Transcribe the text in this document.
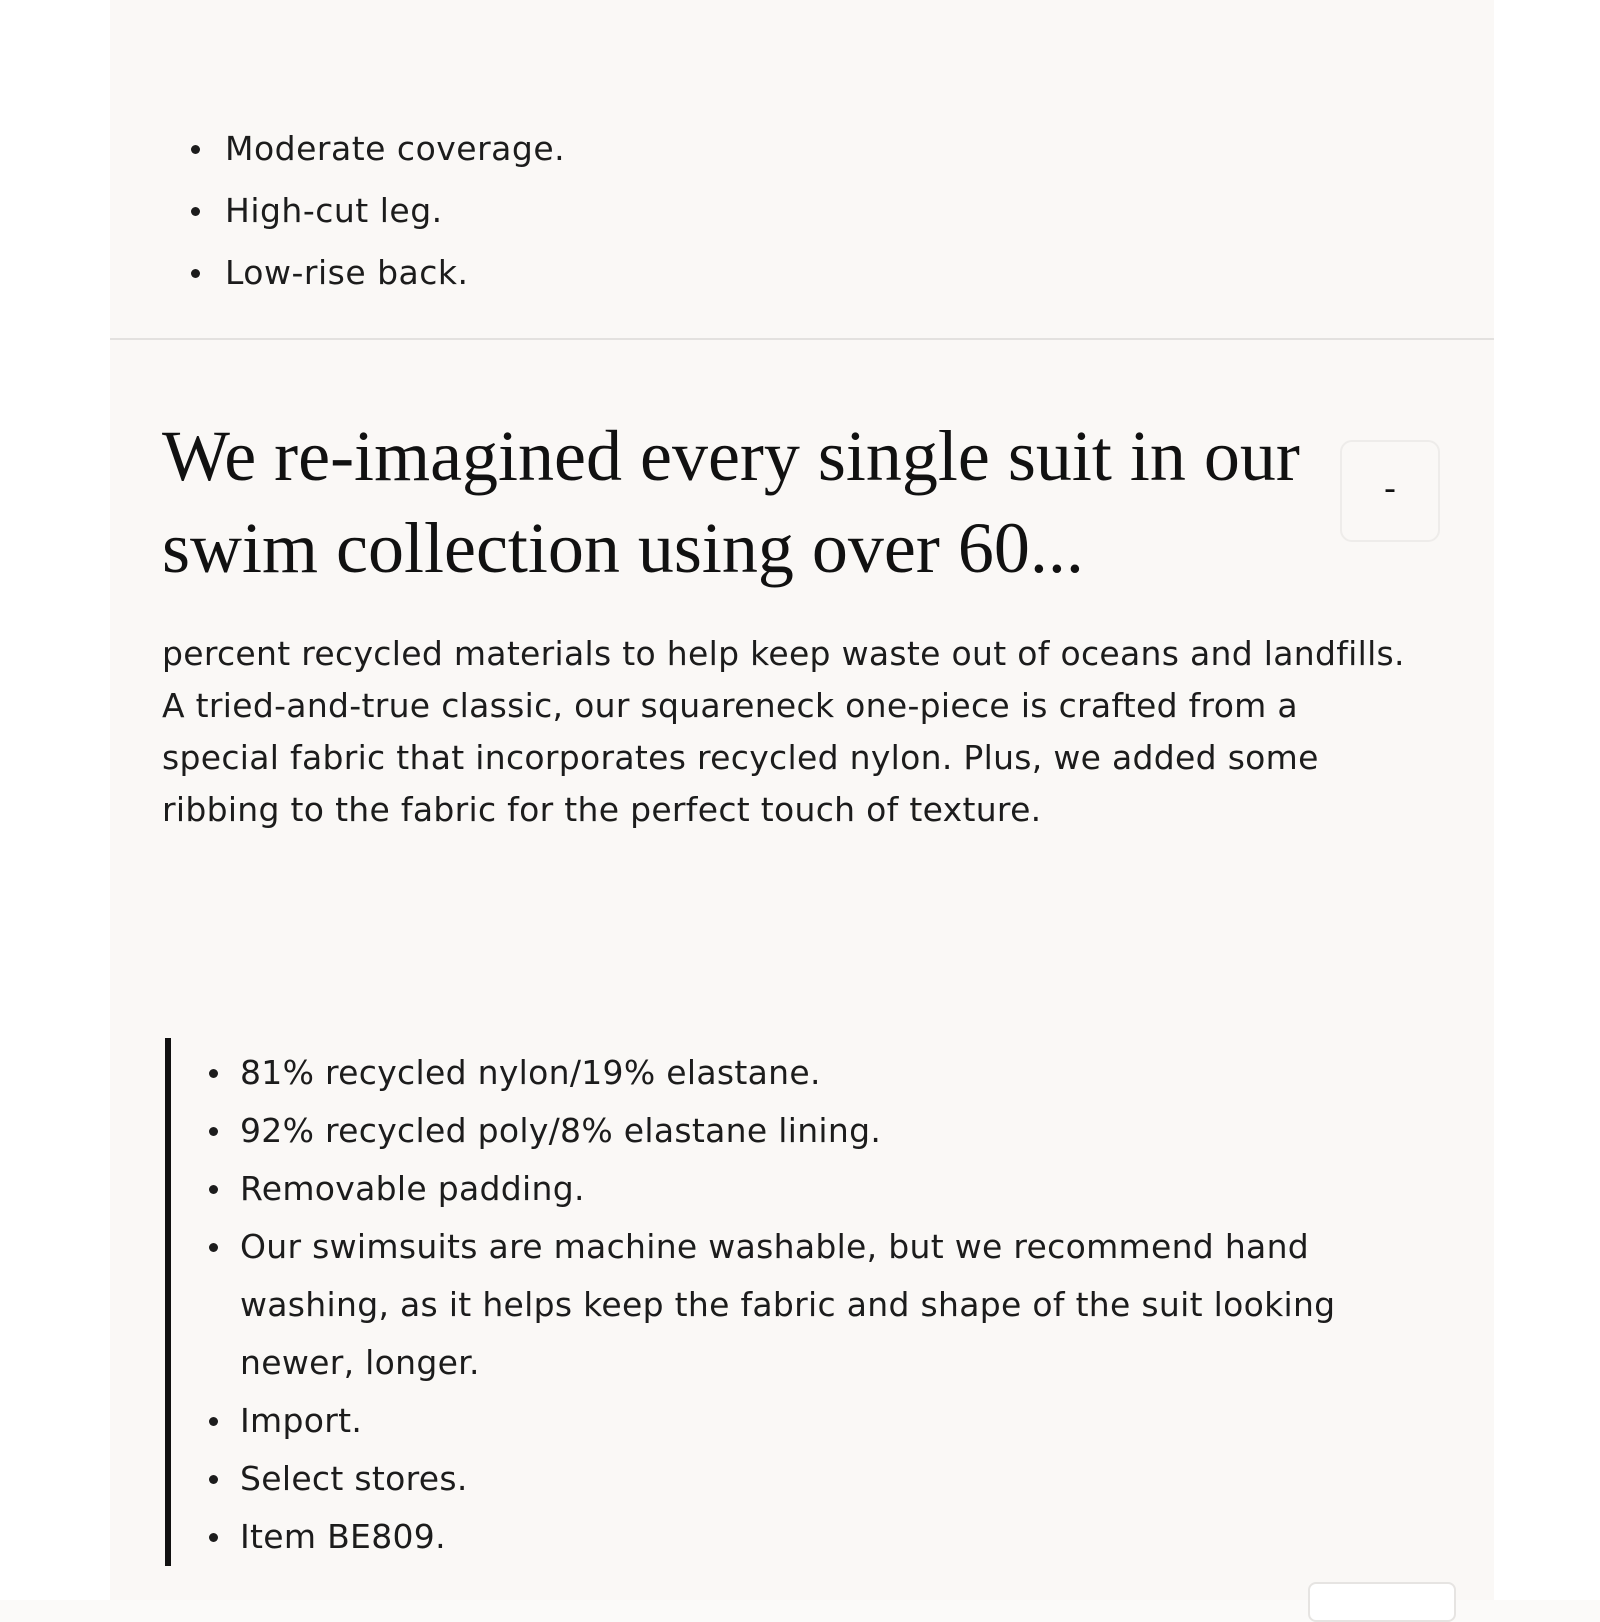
Moderate coverage.
High-cut leg.
Low-rise back.
We re-imagined every single suit in our swim collection using over 60...
-

percent recycled materials to help keep waste out of oceans and landfills. A tried-and-true classic, our squareneck one-piece is crafted from a special fabric that incorporates recycled nylon. Plus, we added some ribbing to the fabric for the perfect touch of texture.

81% recycled nylon/19% elastane.
92% recycled poly/8% elastane lining.
Removable padding.
Our swimsuits are machine washable, but we recommend hand washing, as it helps keep the fabric and shape of the suit looking newer, longer.
Import.
Select stores.
Item BE809.
